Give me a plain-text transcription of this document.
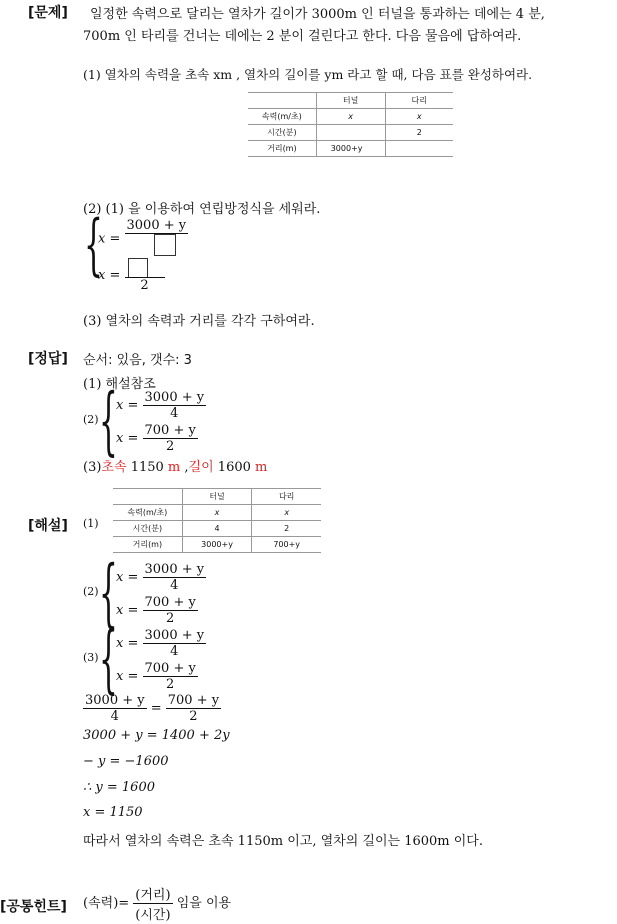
[문제] 일정한 속력으로 달리는 열차가 길이가 3000m 인 터널을 통과하는 데에는 4 분,
700m 인 타리를 건너는 데에는 2 분이 걸린다고 한다. 다음 물음에 답하여라.
(1) 열차의 속력을 초속 xm , 열차의 길이를 ym 라고 할 때, 다음 표를 완성하여라.
	터널	다리
속력(m/초)	x	x
시간(분)		2
거리(m)	3000+y	
(2) (1) 을 이용하여 연립방정식을 세워라.
{
x =
3000 + y
x =
2
(3) 열차의 속력과 거리를 각각 구하여라.
[정답] 순서: 있음, 갯수: 3
(1) 해설참조
(2) {
$x = \frac{3000 + y}{4}$
$x = \frac{700 + y}{2}$
(3)초속 1150 m ,길이 1600 m
[해설] (1)
	터널	다리
속력(m/초)	x	x
시간(분)	4	2
거리(m)	3000+y	700+y
(2) {
$x = \frac{3000 + y}{4}$
$x = \frac{700 + y}{2}$
(3) {
$x = \frac{3000 + y}{4}$
$x = \frac{700 + y}{2}$
$\frac{3000 + y}{4} = \frac{700 + y}{2}$
3000 + y = 1400 + 2y
− y = −1600
∴ y = 1600
x = 1150
따라서 열차의 속력은 초속 1150m 이고, 열차의 길이는 1600m 이다.
[공통힌트] (속력)= $\frac{\text{(거리)}}{\text{(시간)}}$ 임을 이용
